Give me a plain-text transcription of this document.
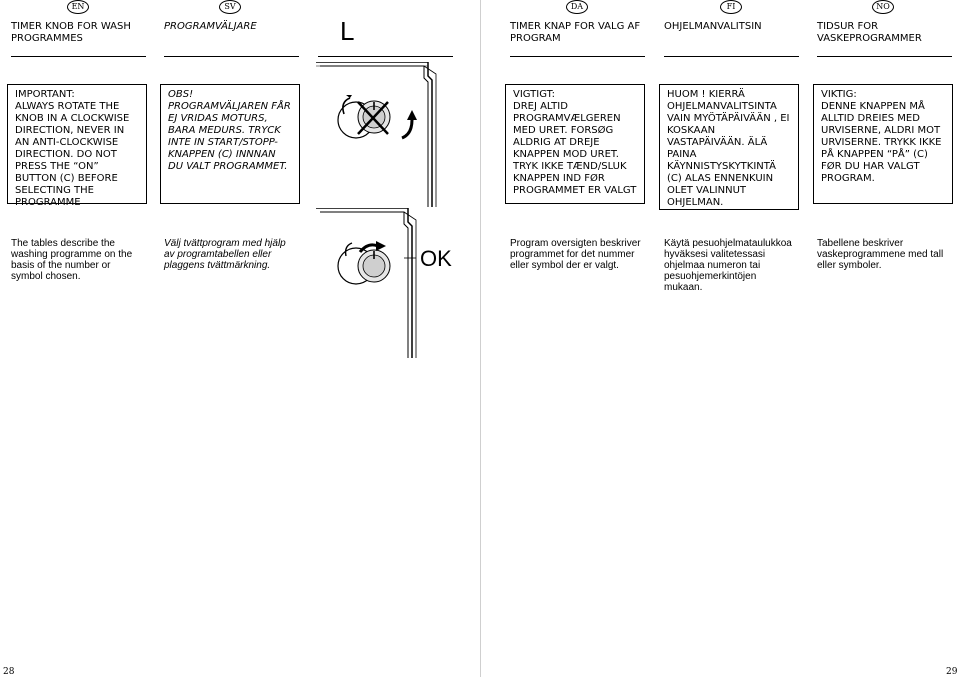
EN
TIMER KNOB FOR WASH PROGRAMMES
IMPORTANT:
ALWAYS ROTATE THE KNOB IN A CLOCKWISE DIRECTION, NEVER IN AN ANTI-CLOCKWISE DIRECTION. DO NOT PRESS THE “ON” BUTTON (C) BEFORE SELECTING THE PROGRAMME
The tables describe the washing programme on the basis of the number or symbol chosen.
SV
PROGRAMVÄLJARE
OBS!
PROGRAMVÄLJAREN FÅR EJ VRIDAS MOTURS, BARA MEDURS. TRYCK INTE IN START/STOPP-KNAPPEN (C) INNNAN DU VALT PROGRAMMET.
Välj tvättprogram med hjälp av programtabellen eller plaggens tvättmärkning.
L
OK
DA
TIMER KNAP FOR VALG AF PROGRAM
VIGTIGT:
DREJ ALTID PROGRAMVÆLGEREN MED URET. FORSØG ALDRIG AT DREJE KNAPPEN MOD URET. TRYK IKKE TÆND/SLUK KNAPPEN IND FØR PROGRAMMET ER VALGT
Program oversigten beskriver programmet for det nummer eller symbol der er valgt.
FI
OHJELMANVALITSIN
HUOM ! KIERRÄ OHJELMANVALITSINTA VAIN MYÖTÄPÄIVÄÄN , EI KOSKAAN VASTAPÄIVÄÄN. ÄLÄ PAINA KÄYNNISTYSKYTKINTÄ (C) ALAS ENNENKUIN OLET VALINNUT OHJELMAN.
Käytä pesuohjelmataulukkoa hyväksesi valitetessasi ohjelmaa numeron tai pesuohjemerkintöjen mukaan.
NO
TIDSUR FOR VASKEPROGRAMMER
VIKTIG:
DENNE KNAPPEN MÅ ALLTID DREIES MED URVISERNE, ALDRI MOT URVISERNE. TRYKK IKKE PÅ KNAPPEN “PÅ” (C) FØR DU HAR VALGT PROGRAM.
Tabellene beskriver vaskeprogrammene med tall eller symboler.
28	29
